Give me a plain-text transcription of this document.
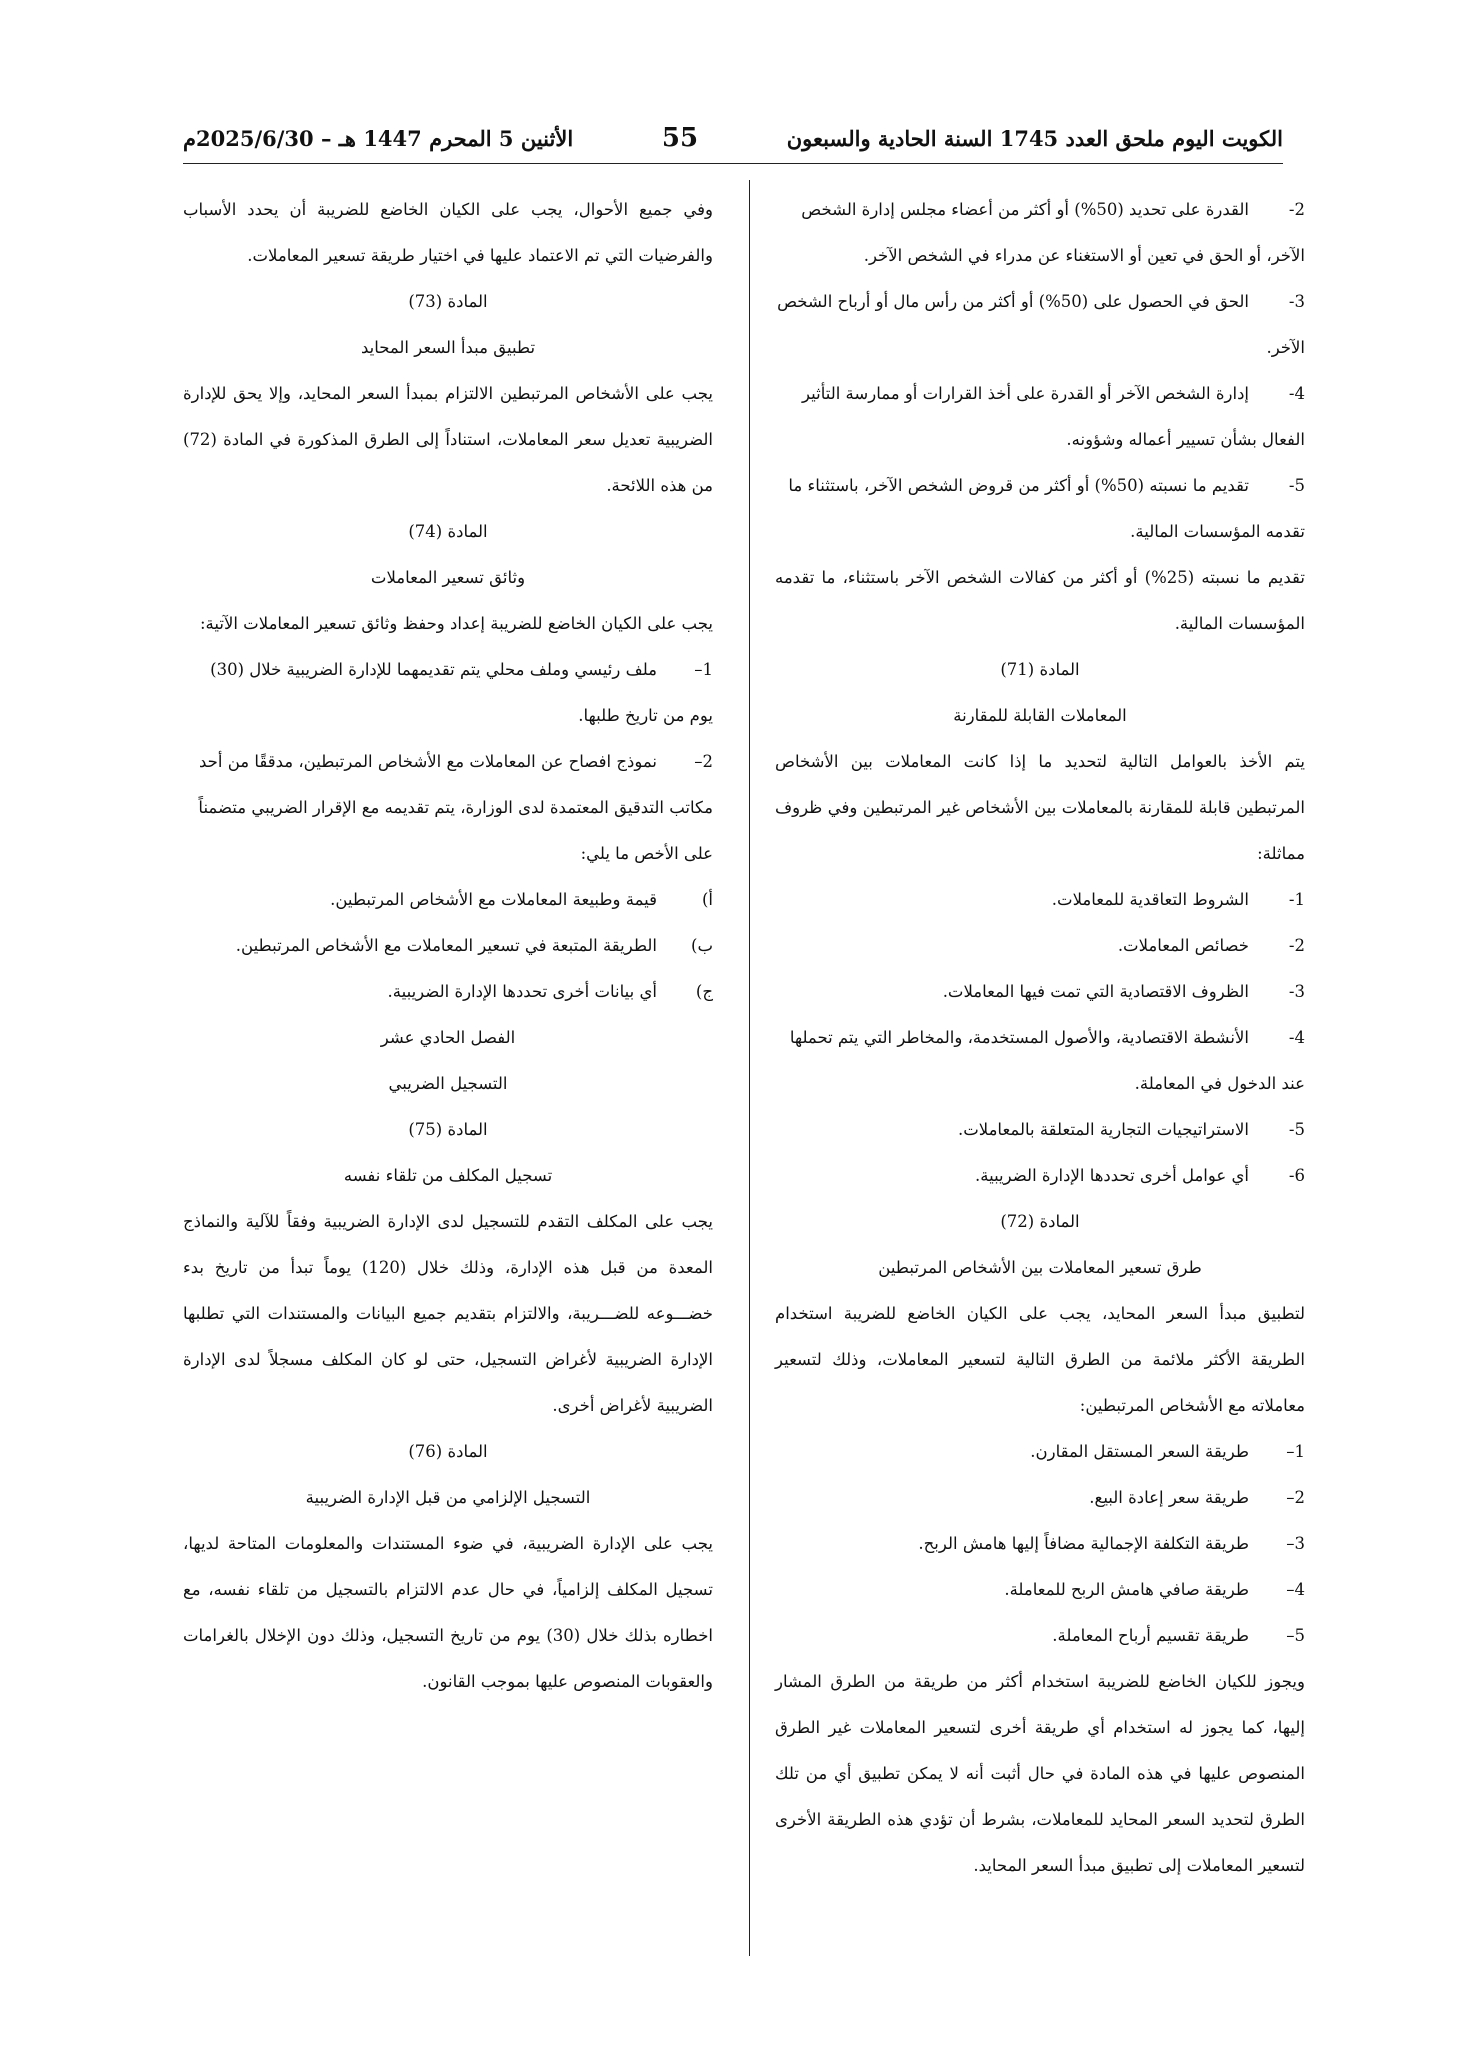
الكويت اليوم ملحق العدد 1745 السنة الحادية والسبعون
55
الأثنين 5 المحرم 1447 هـ – 2025/6/30م
2-القدرة على تحديد (50%) أو أكثر من أعضاء مجلس إدارة الشخص الآخر، أو الحق في تعين أو الاستغناء عن مدراء في الشخص الآخر.
3-الحق في الحصول على (50%) أو أكثر من رأس مال أو أرباح الشخص الآخر.
4-إدارة الشخص الآخر أو القدرة على أخذ القرارات أو ممارسة التأثير الفعال بشأن تسيير أعماله وشؤونه.
5-تقديم ما نسبته (50%) أو أكثر من قروض الشخص الآخر، باستثناء ما تقدمه المؤسسات المالية.

تقديم ما نسبته (25%) أو أكثر من كفالات الشخص الآخر باستثناء، ما تقدمه المؤسسات المالية.

المادة (71)

المعاملات القابلة للمقارنة

يتم الأخذ بالعوامل التالية لتحديد ما إذا كانت المعاملات بين الأشخاص المرتبطين قابلة للمقارنة بالمعاملات بين الأشخاص غير المرتبطين وفي ظروف مماثلة:

1-
الشروط التعاقدية للمعاملات.
2-
خصائص المعاملات.
3-
الظروف الاقتصادية التي تمت فيها المعاملات.
4-الأنشطة الاقتصادية، والأصول المستخدمة، والمخاطر التي يتم تحملها عند الدخول في المعاملة.
5-
الاستراتيجيات التجارية المتعلقة بالمعاملات.
6-
أي عوامل أخرى تحددها الإدارة الضريبية.

المادة (72)

طرق تسعير المعاملات بين الأشخاص المرتبطين

لتطبيق مبدأ السعر المحايد، يجب على الكيان الخاضع للضريبة استخدام الطريقة الأكثر ملائمة من الطرق التالية لتسعير المعاملات، وذلك لتسعير معاملاته مع الأشخاص المرتبطين:

1–
طريقة السعر المستقل المقارن.
2–
طريقة سعر إعادة البيع.
3–
طريقة التكلفة الإجمالية مضافاً إليها هامش الربح.
4–
طريقة صافي هامش الربح للمعاملة.
5–
طريقة تقسيم أرباح المعاملة.

ويجوز للكيان الخاضع للضريبة استخدام أكثر من طريقة من الطرق المشار إليها، كما يجوز له استخدام أي طريقة أخرى لتسعير المعاملات غير الطرق المنصوص عليها في هذه المادة في حال أثبت أنه لا يمكن تطبيق أي من تلك الطرق لتحديد السعر المحايد للمعاملات، بشرط أن تؤدي هذه الطريقة الأخرى لتسعير المعاملات إلى تطبيق مبدأ السعر المحايد.

وفي جميع الأحوال، يجب على الكيان الخاضع للضريبة أن يحدد الأسباب والفرضيات التي تم الاعتماد عليها في اختيار طريقة تسعير المعاملات.

المادة (73)

تطبيق مبدأ السعر المحايد

يجب على الأشخاص المرتبطين الالتزام بمبدأ السعر المحايد، وإلا يحق للإدارة الضريبية تعديل سعر المعاملات، استناداً إلى الطرق المذكورة في المادة (72) من هذه اللائحة.

المادة (74)

وثائق تسعير المعاملات

يجب على الكيان الخاضع للضريبة إعداد وحفظ وثائق تسعير المعاملات الآتية:

1–ملف رئيسي وملف محلي يتم تقديمهما للإدارة الضريبية خلال (30) يوم من تاريخ طلبها.
2–نموذج افصاح عن المعاملات مع الأشخاص المرتبطين، مدققًا من أحد مكاتب التدقيق المعتمدة لدى الوزارة، يتم تقديمه مع الإقرار الضريبي متضمناً على الأخص ما يلي:
أ)
قيمة وطبيعة المعاملات مع الأشخاص المرتبطين.
ب)
الطريقة المتبعة في تسعير المعاملات مع الأشخاص المرتبطين.
ج)
أي بيانات أخرى تحددها الإدارة الضريبية.

الفصل الحادي عشر

التسجيل الضريبي

المادة (75)

تسجيل المكلف من تلقاء نفسه

يجب على المكلف التقدم للتسجيل لدى الإدارة الضريبية وفقاً للآلية والنماذج المعدة من قبل هذه الإدارة، وذلك خلال (120) يوماً تبدأ من تاريخ بدء خضـــوعه للضـــريبة، والالتزام بتقديم جميع البيانات والمستندات التي تطلبها الإدارة الضريبية لأغراض التسجيل، حتى لو كان المكلف مسجلاً لدى الإدارة الضريبية لأغراض أخرى.

المادة (76)

التسجيل الإلزامي من قبل الإدارة الضريبية

يجب على الإدارة الضريبية، في ضوء المستندات والمعلومات المتاحة لديها، تسجيل المكلف إلزامياً، في حال عدم الالتزام بالتسجيل من تلقاء نفسه، مع اخطاره بذلك خلال (30) يوم من تاريخ التسجيل، وذلك دون الإخلال بالغرامات والعقوبات المنصوص عليها بموجب القانون.
